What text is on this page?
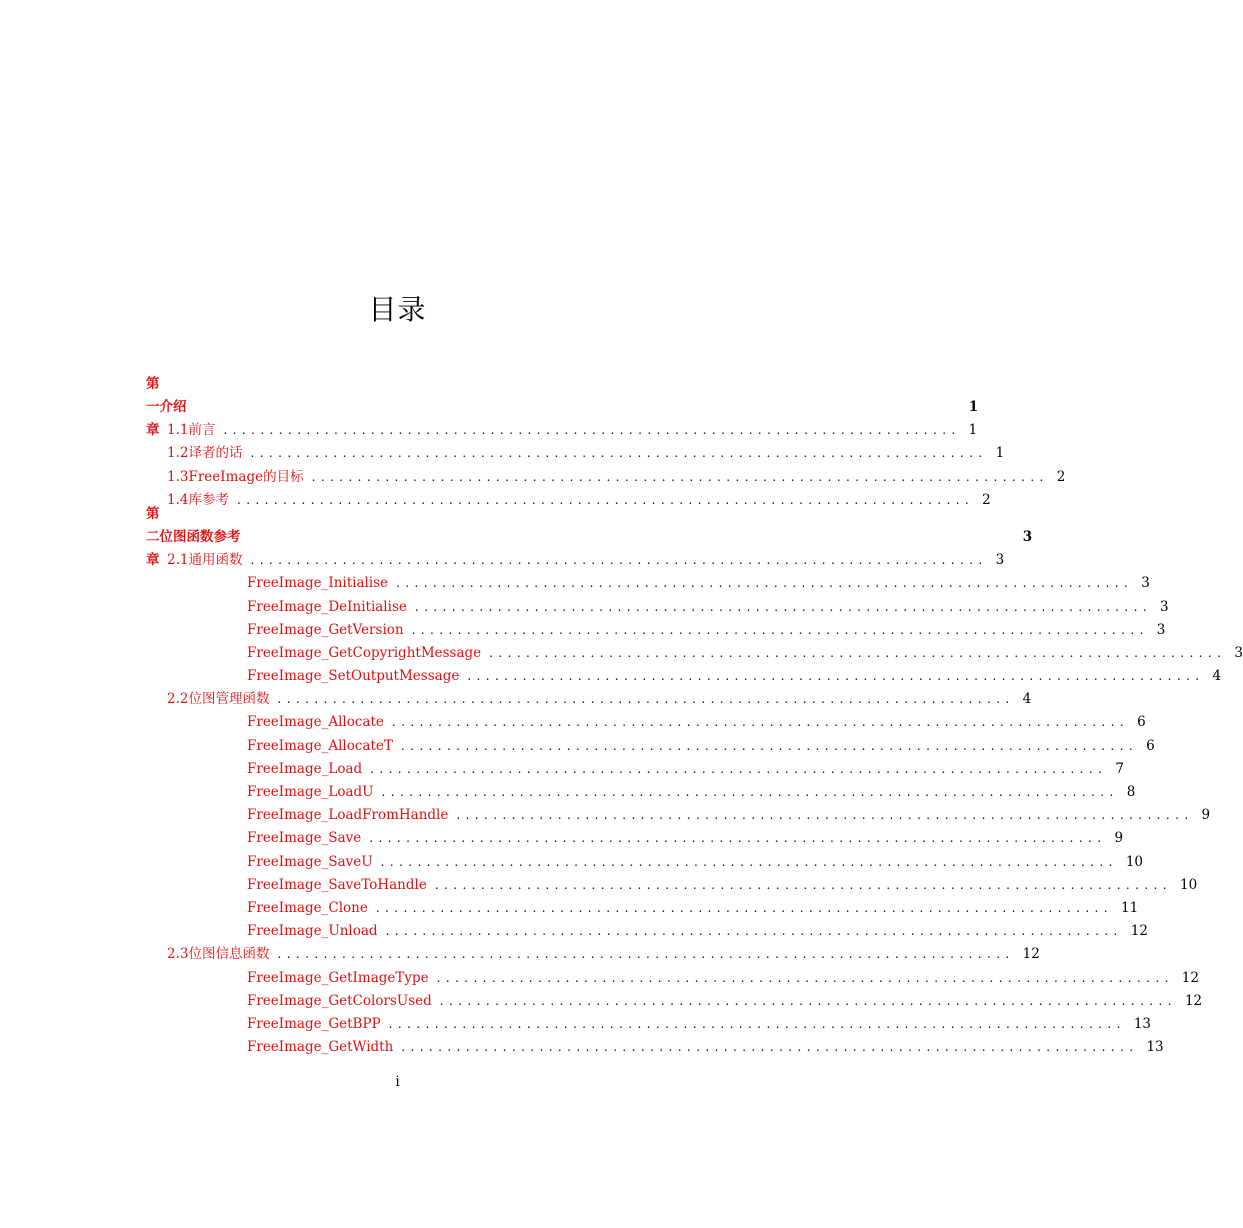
目录
第一章
介绍	1
1.1 前言 ................................................................................ 1
1.2 译者的话 ................................................................................ 1
1.3 FreeImage的目标 ................................................................................ 2
1.4 库参考 ................................................................................ 2
第二章
位图函数参考	3
2.1 通用函数 ................................................................................ 3
FreeImage_Initialise ................................................................................ 3
FreeImage_DeInitialise ................................................................................ 3
FreeImage_GetVersion ................................................................................ 3
FreeImage_GetCopyrightMessage ................................................................................ 3
FreeImage_SetOutputMessage ................................................................................ 4
2.2 位图管理函数 ................................................................................ 4
FreeImage_Allocate ................................................................................ 6
FreeImage_AllocateT ................................................................................ 6
FreeImage_Load ................................................................................ 7
FreeImage_LoadU ................................................................................ 8
FreeImage_LoadFromHandle ................................................................................ 9
FreeImage_Save ................................................................................ 9
FreeImage_SaveU ................................................................................ 10
FreeImage_SaveToHandle ................................................................................ 10
FreeImage_Clone ................................................................................ 11
FreeImage_Unload ................................................................................ 12
2.3 位图信息函数 ................................................................................ 12
FreeImage_GetImageType ................................................................................ 12
FreeImage_GetColorsUsed ................................................................................ 12
FreeImage_GetBPP ................................................................................ 13
FreeImage_GetWidth ................................................................................ 13
i
